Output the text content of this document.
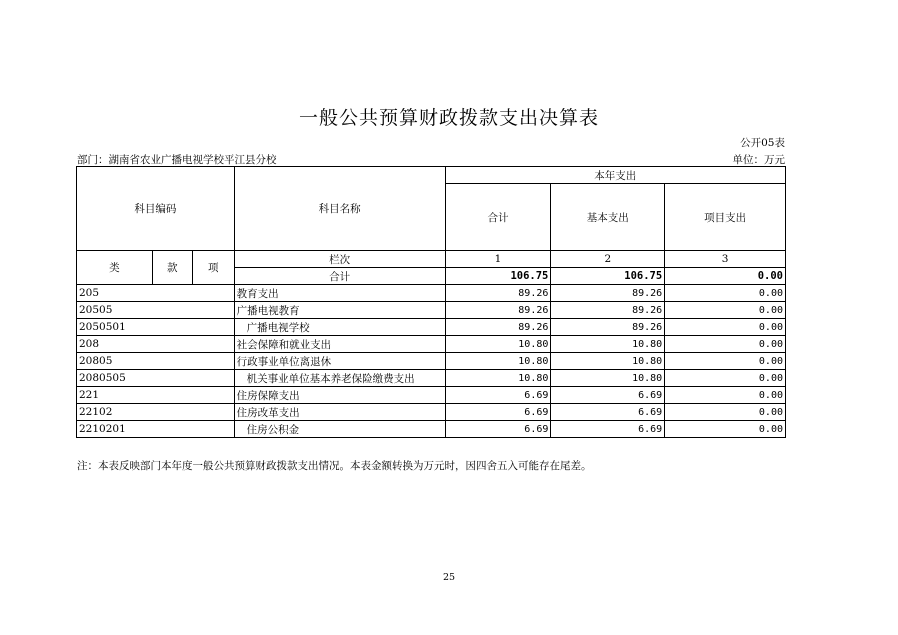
一般公共预算财政拨款支出决算表
公开05表
部门：湖南省农业广播电视学校平江县分校	单位：万元
科目编码			科目名称	本年支出		
				合计	基本支出	项目支出

类	款	项	栏次	1	2	3
			合计	106.75	106.75	0.00
205			教育支出	89.26	89.26	0.00
20505			广播电视教育	89.26	89.26	0.00
2050501			广播电视学校	89.26	89.26	0.00
208			社会保障和就业支出	10.80	10.80	0.00
20805			行政事业单位离退休	10.80	10.80	0.00
2080505			机关事业单位基本养老保险缴费支出	10.80	10.80	0.00
221			住房保障支出	6.69	6.69	0.00
22102			住房改革支出	6.69	6.69	0.00
2210201			住房公积金	6.69	6.69	0.00
注：本表反映部门本年度一般公共预算财政拨款支出情况。本表金额转换为万元时，因四舍五入可能存在尾差。
25
